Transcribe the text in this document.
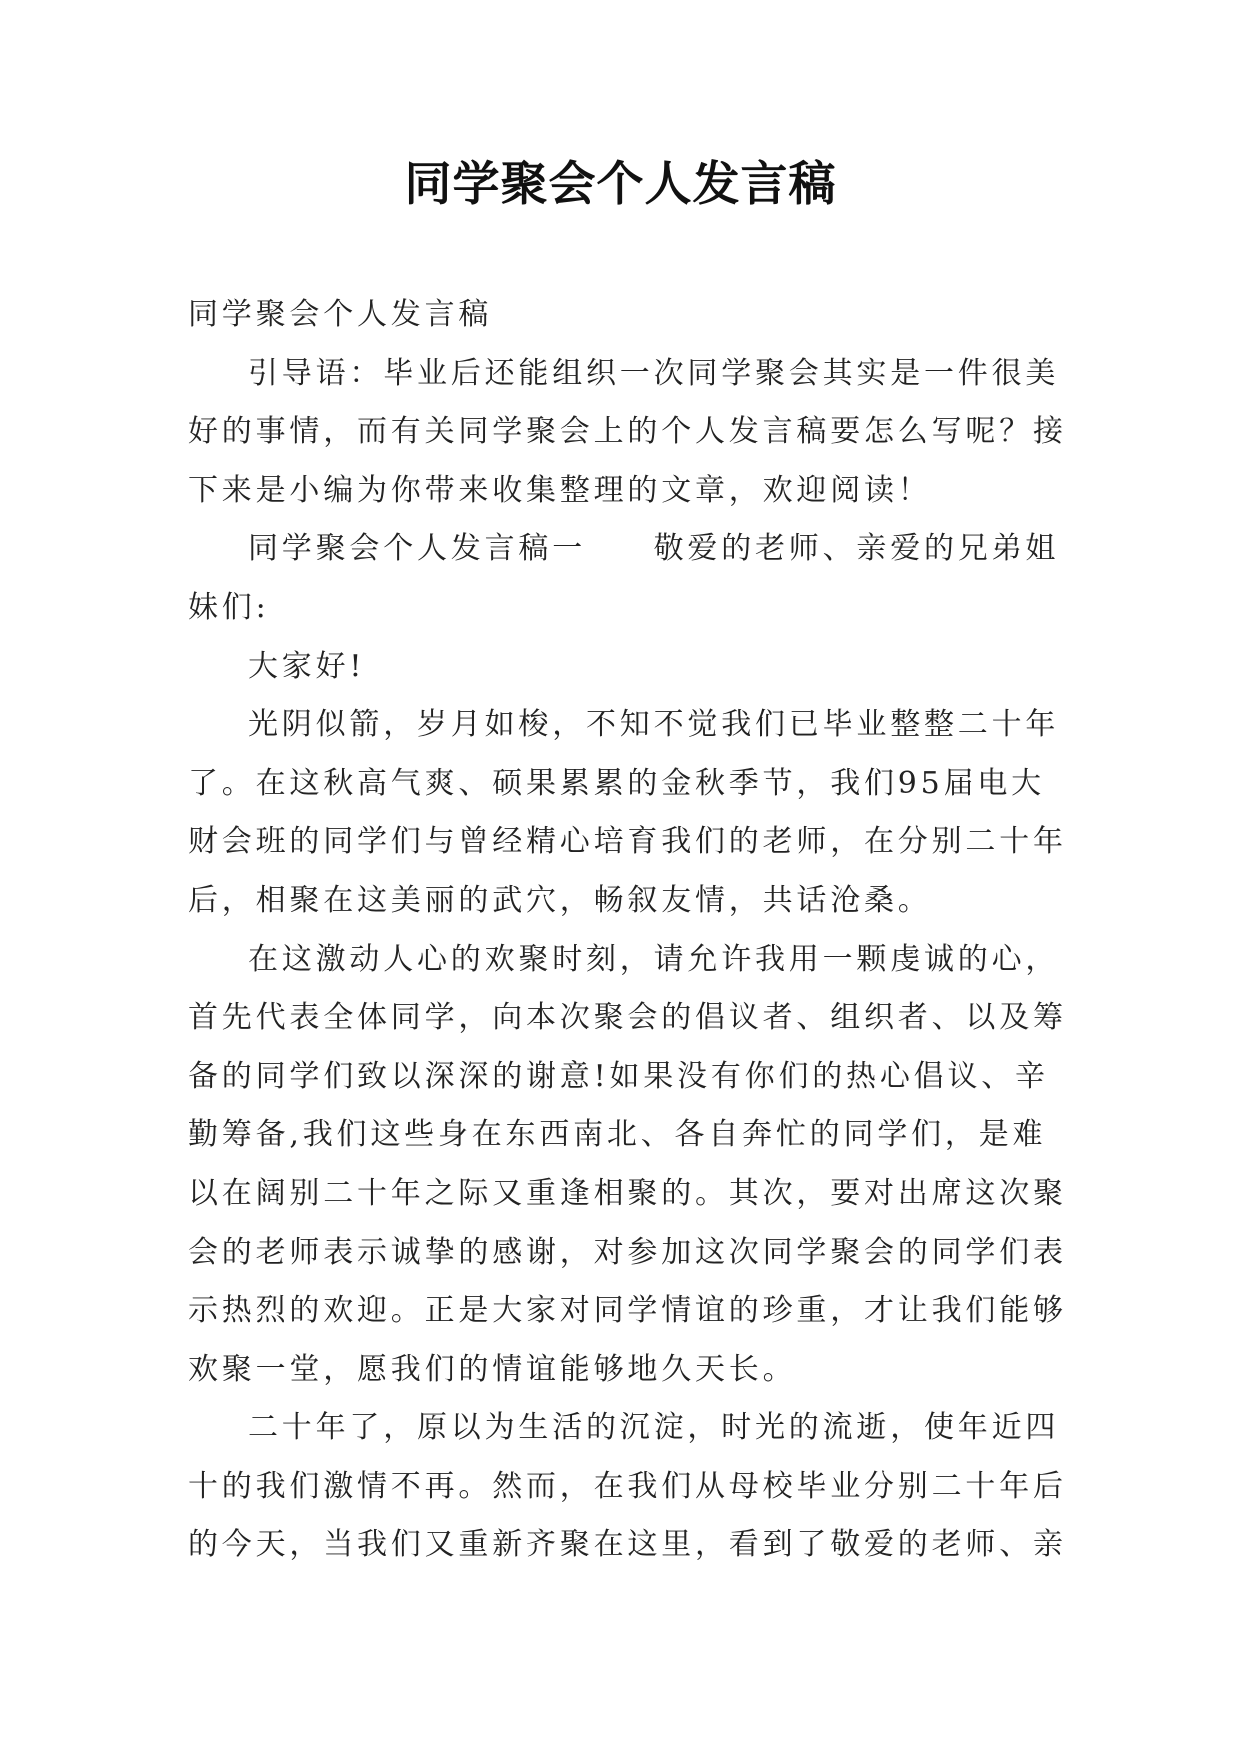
同学聚会个人发言稿

同学聚会个人发言稿

引导语：毕业后还能组织一次同学聚会其实是一件很美好的事情，而有关同学聚会上的个人发言稿要怎么写呢？接下来是小编为你带来收集整理的文章，欢迎阅读！

同学聚会个人发言稿一　　敬爱的老师、亲爱的兄弟姐妹们:

大家好!

光阴似箭，岁月如梭，不知不觉我们已毕业整整二十年了。在这秋高气爽、硕果累累的金秋季节，我们95届电大财会班的同学们与曾经精心培育我们的老师，在分别二十年后，相聚在这美丽的武穴，畅叙友情，共话沧桑。

在这激动人心的欢聚时刻，请允许我用一颗虔诚的心，首先代表全体同学，向本次聚会的倡议者、组织者、以及筹备的同学们致以深深的谢意!如果没有你们的热心倡议、辛勤筹备,我们这些身在东西南北、各自奔忙的同学们，是难以在阔别二十年之际又重逢相聚的。其次，要对出席这次聚会的老师表示诚挚的感谢，对参加这次同学聚会的同学们表示热烈的欢迎。正是大家对同学情谊的珍重，才让我们能够欢聚一堂，愿我们的情谊能够地久天长。

二十年了，原以为生活的沉淀，时光的流逝，使年近四十的我们激情不再。然而，在我们从母校毕业分别二十年后的今天，当我们又重新齐聚在这里，看到了敬爱的老师、亲
